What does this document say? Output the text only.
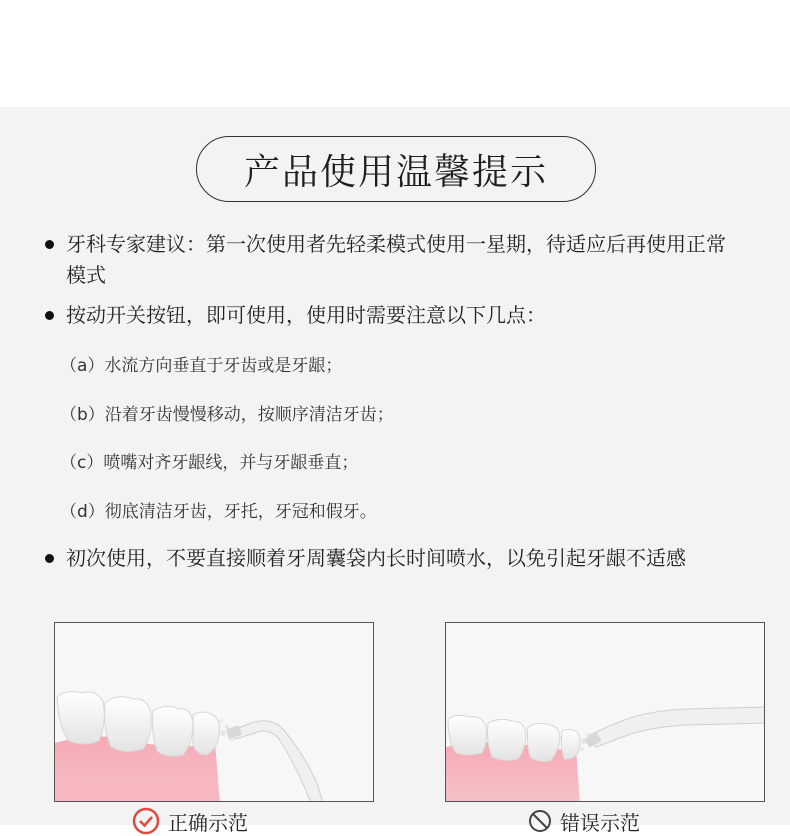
产品使用温馨提示
牙科专家建议：第一次使用者先轻柔模式使用一星期，待适应后再使用正常模式
按动开关按钮，即可使用，使用时需要注意以下几点：
（a）水流方向垂直于牙齿或是牙龈；
（b）沿着牙齿慢慢移动，按顺序清洁牙齿；
（c）喷嘴对齐牙龈线，并与牙龈垂直；
（d）彻底清洁牙齿，牙托，牙冠和假牙。
初次使用，不要直接顺着牙周囊袋内长时间喷水，以免引起牙龈不适感
正确示范	错误示范
